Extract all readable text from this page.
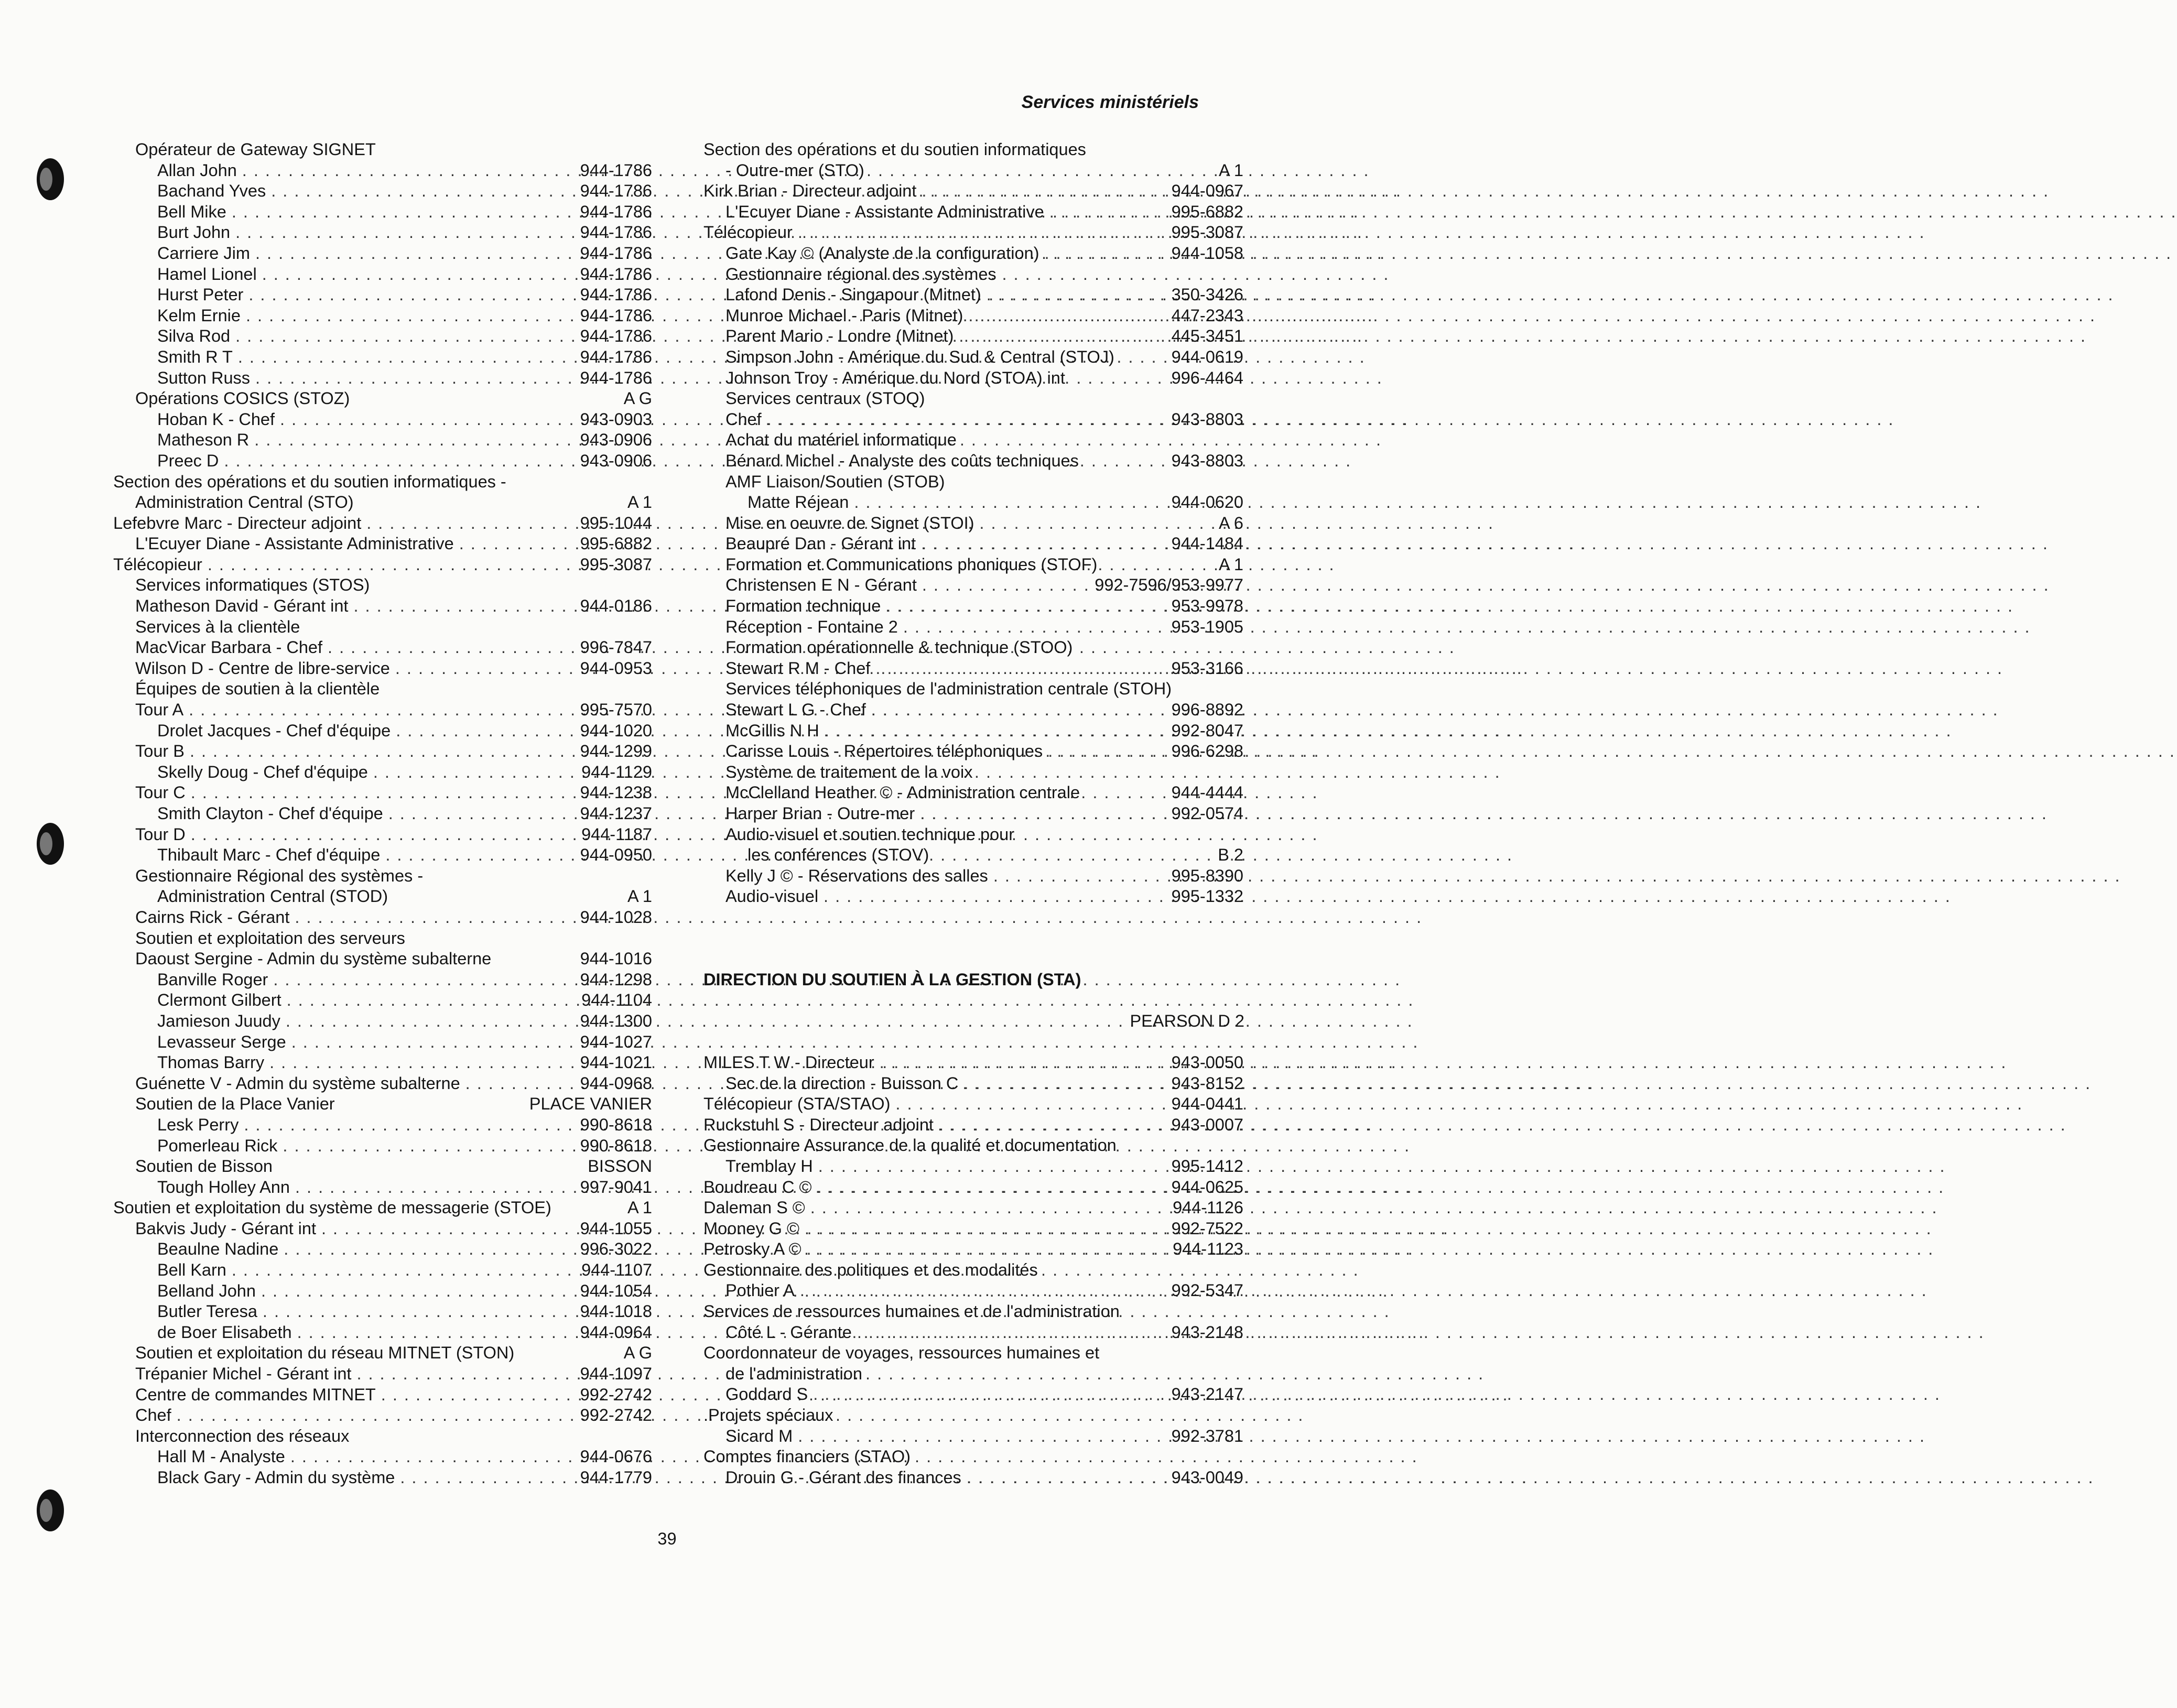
Services ministériels
Opérateur de Gateway SIGNET
Allan John . . .	944-1786
Bachand Yves . . .	944-1786
Bell Mike . . .	944-1786
Burt John . . .	944-1786
Carriere Jim . . .	944-1786
Hamel Lionel . . .	944-1786
Hurst Peter . . .	944-1786
Kelm Ernie . . .	944-1786
Silva Rod . . .	944-1786
Smith R T . . .	944-1786
Sutton Russ . . .	944-1786
Opérations COSICS (STOZ)	A G
Hoban K - Chef . . .	943-0903
Matheson R . . .	943-0906
Preec D . . .	943-0906
Section des opérations et du soutien informatiques -
Administration Central (STO)	A 1
Lefebvre Marc - Directeur adjoint . . .	995-1044
L'Ecuyer Diane - Assistante Administrative . . .	995-6882
Télécopieur . . .	995-3087
Services informatiques (STOS)
Matheson David - Gérant int . . .	944-0186
Services à la clientèle
MacVicar Barbara - Chef . . .	996-7847
Wilson D - Centre de libre-service . . .	944-0953
Équipes de soutien à la clientèle
Tour A . . .	995-7570
Drolet Jacques - Chef d'équipe . . .	944-1020
Tour B . . .	944-1299
Skelly Doug - Chef d'équipe . . .	944-1129
Tour C . . .	944-1238
Smith Clayton - Chef d'équipe . . .	944-1237
Tour D . . .	944-1187
Thibault Marc - Chef d'équipe . . .	944-0950
Gestionnaire Régional des systèmes -
Administration Central (STOD)	A 1
Cairns Rick - Gérant . . .	944-1028
Soutien et exploitation des serveurs
Daoust Sergine - Admin du système subalterne	944-1016
Banville Roger . . .	944-1298
Clermont Gilbert . . .	944-1104
Jamieson Juudy . . .	944-1300
Levasseur Serge . . .	944-1027
Thomas Barry . . .	944-1021
Guénette V - Admin du système subalterne . . .	944-0968
Soutien de la Place Vanier	PLACE VANIER
Lesk Perry . . .	990-8618
Pomerleau Rick . . .	990-8618
Soutien de Bisson	BISSON
Tough Holley Ann . . .	997-9041
Soutien et exploitation du système de messagerie (STOE)	A 1
Bakvis Judy - Gérant int . . .	944-1055
Beaulne Nadine . . .	996-3022
Bell Karn . . .	944-1107
Belland John . . .	944-1054
Butler Teresa . . .	944-1018
de Boer Elisabeth . . .	944-0964
Soutien et exploitation du réseau MITNET (STON)	A G
Trépanier Michel - Gérant int . . .	944-1097
Centre de commandes MITNET . . .	992-2742
Chef . . .	992-2742
Interconnection des réseaux
Hall M - Analyste . . .	944-0676
Black Gary - Admin du système . . .	944-1779
Section des opérations et du soutien informatiques
- Outre-mer (STO)	A 1
Kirk Brian - Directeur adjoint . . .	944-0967
L'Ecuyer Diane - Assistante Administrative . . .	995-6882
Télécopieur . . .	995-3087
Gate Kay © (Analyste de la configuration) . . .	944-1058
Gestionnaire régional des systèmes
Lafond Denis - Singapour (Mitnet) . . .	350-3426
Munroe Michael - Paris (Mitnet) . . .	447-2343
Parent Mario - Londre (Mitnet) . . .	445-3451
Simpson John - Amérique du Sud & Central (STOJ)	944-0619
Johnson Troy - Amérique du Nord (STOA) int	996-4464
Services centraux (STOQ)
Chef . . .	943-8803
Achat du matériel informatique
Bénard Michel - Analyste des coûts techniques	943-8803
AMF Liaison/Soutien (STOB)
Matte Réjean . . .	944-0620
Mise en oeuvre de Signet (STOI)	A 6
Beaupré Dan - Gérant int . . .	944-1484
Formation et Communications phoniques (STOF)	A 1
Christensen E N - Gérant . . .	992-7596/953-9977
Formation technique . . .	953-9978
Réception - Fontaine 2 . . .	953-1905
Formation opérationnelle & technique (STOO)
Stewart R M - Chef . . .	953-3166
Services téléphoniques de l'administration centrale (STOH)
Stewart L G - Chef . . .	996-8892
McGillis N H . . .	992-8047
Carisse Louis - Répertoires téléphoniques . . .	996-6298
Système de traitement de la voix
McClelland Heather © - Administration centrale	944-4444
Harper Brian - Outre-mer . . .	992-0574
Audio-visuel et soutien technique pour
les conférences (STOV)	B 2
Kelly J © - Réservations des salles . . .	995-8390
Audio-visuel . . .	995-1332
DIRECTION DU SOUTIEN À LA GESTION (STA)
PEARSON D 2
MILES T W - Directeur . . .	943-0050
Sec de la direction - Buisson C . . .	943-8152
Télécopieur (STA/STAO) . . .	944-0441
Ruckstuhl S - Directeur adjoint . . .	943-0007
Gestionnaire Assurance de la qualité et documentation
Tremblay H . . .	995-1412
Boudreau C © . . .	944-0625
Daleman S © . . .	944-1126
Mooney G © . . .	992-7522
Petrosky A © . . .	944-1123
Gestionnaire des politiques et des modalités
Pothier A . . .	992-5347
Services de ressources humaines et de l'administration
Côté L - Gérante . . .	943-2148
Coordonnateur de voyages, ressources humaines et
de l'administration
Goddard S . . .	943-2147
.Projets spéciaux
Sicard M . . .	992-3781
Comptes financiers (STAO)
Drouin G - Gérant des finances . . .	943-0049
39
